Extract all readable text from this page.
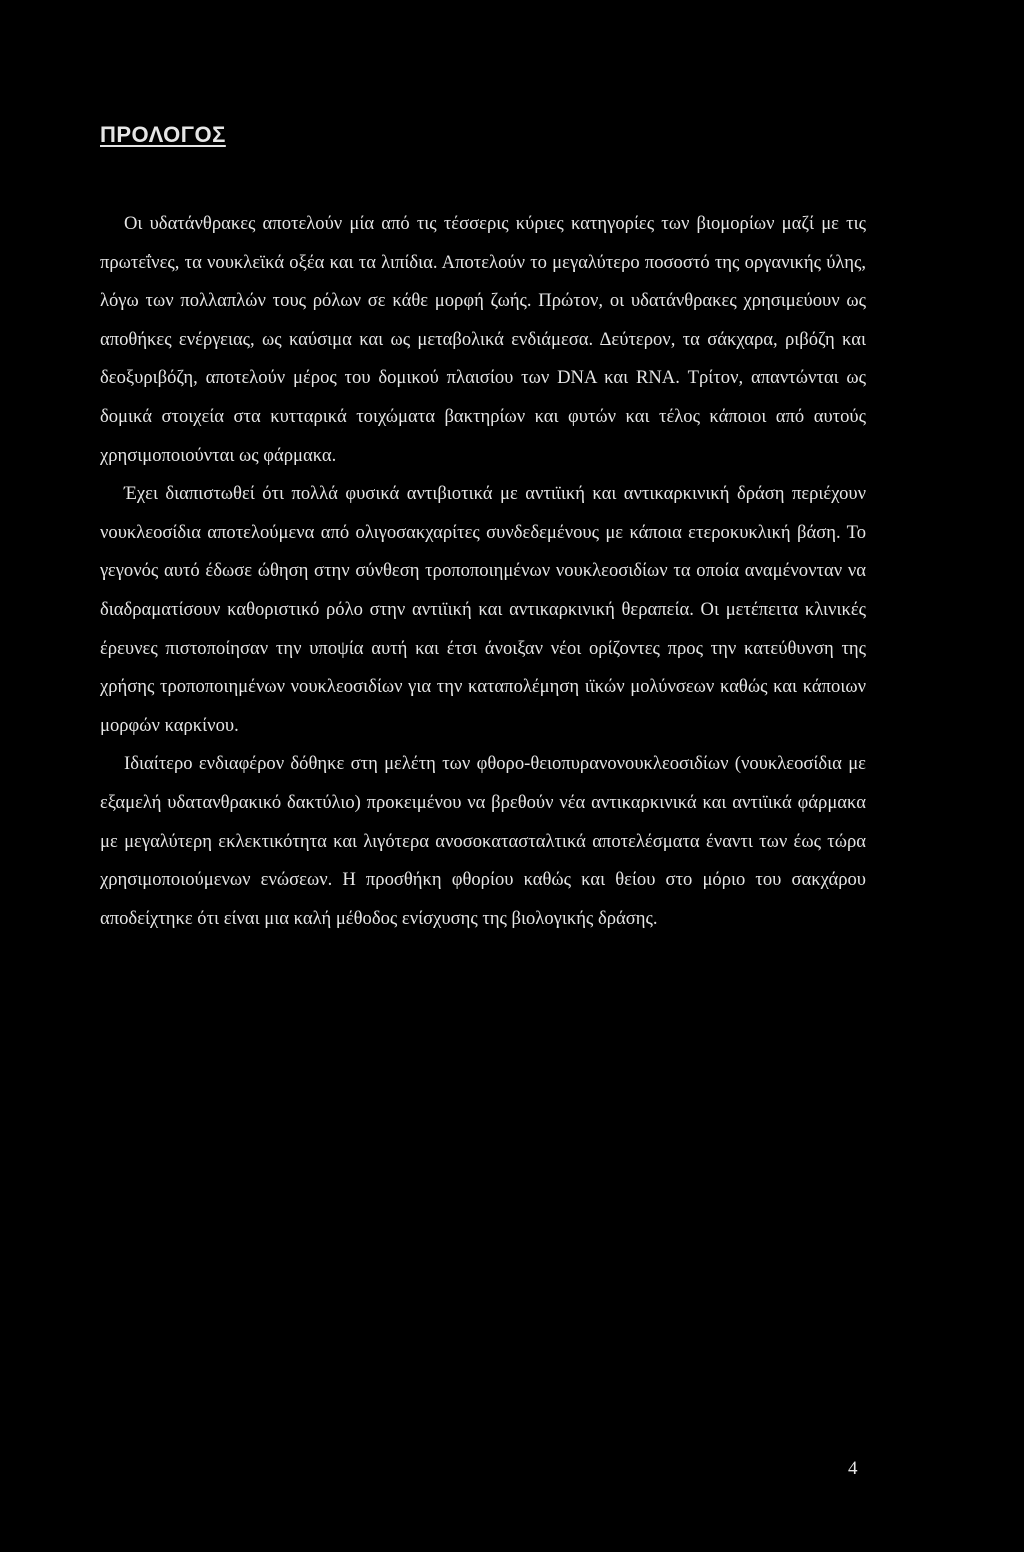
ΠΡΟΛΟΓΟΣ

Οι υδατάνθρακες αποτελούν μία από τις τέσσερις κύριες κατηγορίες των βιομορίων μαζί με τις πρωτεΐνες, τα νουκλεϊκά οξέα και τα λιπίδια. Αποτελούν το μεγαλύτερο ποσοστό της οργανικής ύλης, λόγω των πολλαπλών τους ρόλων σε κάθε μορφή ζωής. Πρώτον, οι υδατάνθρακες χρησιμεύουν ως αποθήκες ενέργειας, ως καύσιμα και ως μεταβολικά ενδιάμεσα. Δεύτερον, τα σάκχαρα, ριβόζη και δεοξυριβόζη, αποτελούν μέρος του δομικού πλαισίου των DNA και RNA. Τρίτον, απαντώνται ως δομικά στοιχεία στα κυτταρικά τοιχώματα βακτηρίων και φυτών και τέλος κάποιοι από αυτούς χρησιμοποιούνται ως φάρμακα.

Έχει διαπιστωθεί ότι πολλά φυσικά αντιβιοτικά με αντιϊική και αντικαρκινική δράση περιέχουν νουκλεοσίδια αποτελούμενα από ολιγοσακχαρίτες συνδεδεμένους με κάποια ετεροκυκλική βάση. Το γεγονός αυτό έδωσε ώθηση στην σύνθεση τροποποιημένων νουκλεοσιδίων τα οποία αναμένονταν να διαδραματίσουν καθοριστικό ρόλο στην αντιϊική και αντικαρκινική θεραπεία. Οι μετέπειτα κλινικές έρευνες πιστοποίησαν την υποψία αυτή και έτσι άνοιξαν νέοι ορίζοντες προς την κατεύθυνση της χρήσης τροποποιημένων νουκλεοσιδίων για την καταπολέμηση ιϊκών μολύνσεων καθώς και κάποιων μορφών καρκίνου.

Ιδιαίτερο ενδιαφέρον δόθηκε στη μελέτη των φθορο-θειοπυρανονουκλεοσιδίων (νουκλεοσίδια με εξαμελή υδατανθρακικό δακτύλιο) προκειμένου να βρεθούν νέα αντικαρκινικά και αντιϊικά φάρμακα με μεγαλύτερη εκλεκτικότητα και λιγότερα ανοσοκατασταλτικά αποτελέσματα έναντι των έως τώρα χρησιμοποιούμενων ενώσεων. Η προσθήκη φθορίου καθώς και θείου στο μόριο του σακχάρου αποδείχτηκε ότι είναι μια καλή μέθοδος ενίσχυσης της βιολογικής δράσης.

4
